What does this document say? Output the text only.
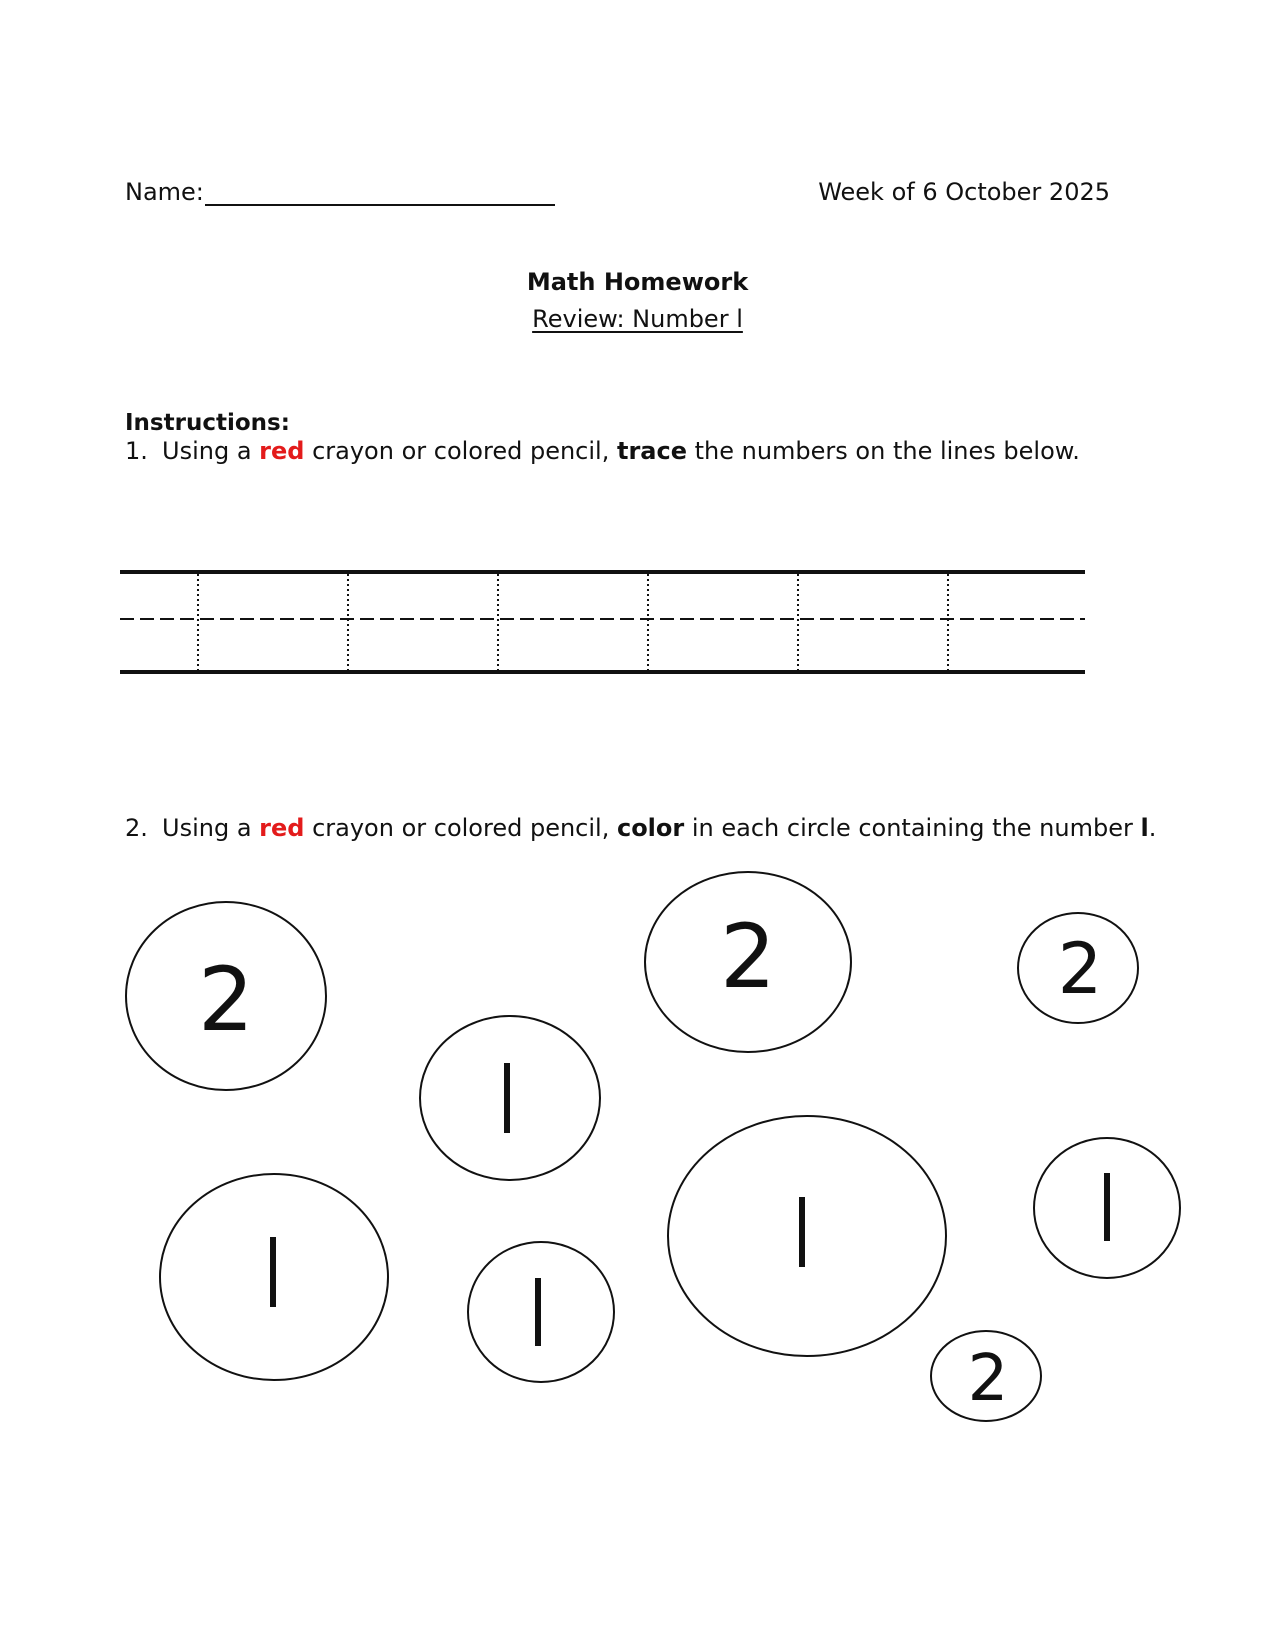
Name:	Week of 6 October 2025
Math Homework
Review: Number l
Instructions:
1. Using a red crayon or colored pencil, trace the numbers on the lines below.
2. Using a red crayon or colored pencil, color in each circle containing the number l.
2	2	2
2
